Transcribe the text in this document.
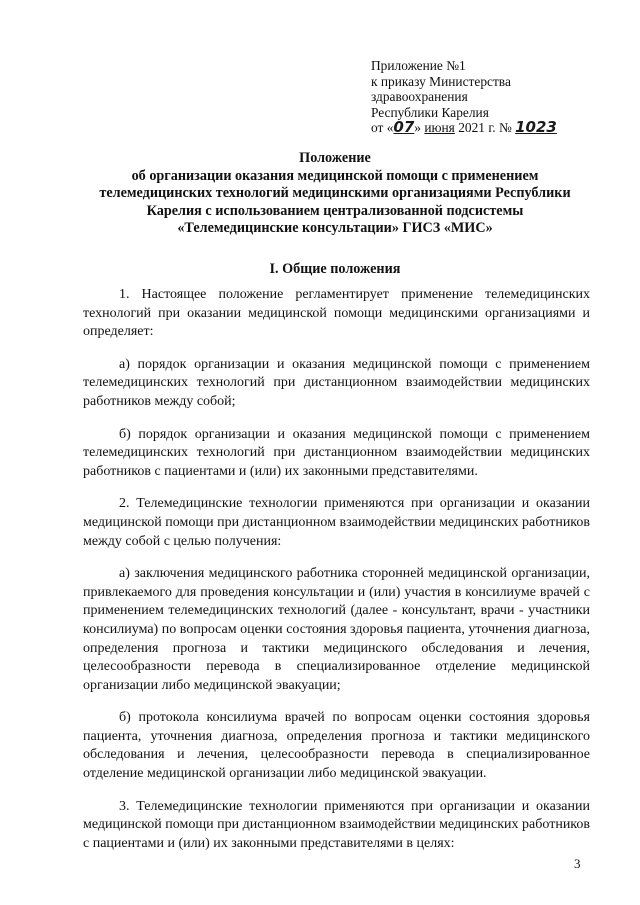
Приложение №1
к приказу Министерства
здравоохранения
Республики Карелия
от «07» июня 2021 г. № 1023
Положение
об организации оказания медицинской помощи с применением
телемедицинских технологий медицинскими организациями Республики
Карелия с использованием централизованной подсистемы
«Телемедицинские консультации» ГИСЗ «МИС»
I. Общие положения

1. Настоящее положение регламентирует применение телемедицинских технологий при оказании медицинской помощи медицинскими организациями и определяет:

а) порядок организации и оказания медицинской помощи с применением телемедицинских технологий при дистанционном взаимодействии медицинских работников между собой;

б) порядок организации и оказания медицинской помощи с применением телемедицинских технологий при дистанционном взаимодействии медицинских работников с пациентами и (или) их законными представителями.

2. Телемедицинские технологии применяются при организации и оказании медицинской помощи при дистанционном взаимодействии медицинских работников между собой с целью получения:

а) заключения медицинского работника сторонней медицинской организации, привлекаемого для проведения консультации и (или) участия в консилиуме врачей с применением телемедицинских технологий (далее - консультант, врачи - участники консилиума) по вопросам оценки состояния здоровья пациента, уточнения диагноза, определения прогноза и тактики медицинского обследования и лечения, целесообразности перевода в специализированное отделение медицинской организации либо медицинской эвакуации;

б) протокола консилиума врачей по вопросам оценки состояния здоровья пациента, уточнения диагноза, определения прогноза и тактики медицинского обследования и лечения, целесообразности перевода в специализированное отделение медицинской организации либо медицинской эвакуации.

3. Телемедицинские технологии применяются при организации и оказании медицинской помощи при дистанционном взаимодействии медицинских работников с пациентами и (или) их законными представителями в целях:

3
